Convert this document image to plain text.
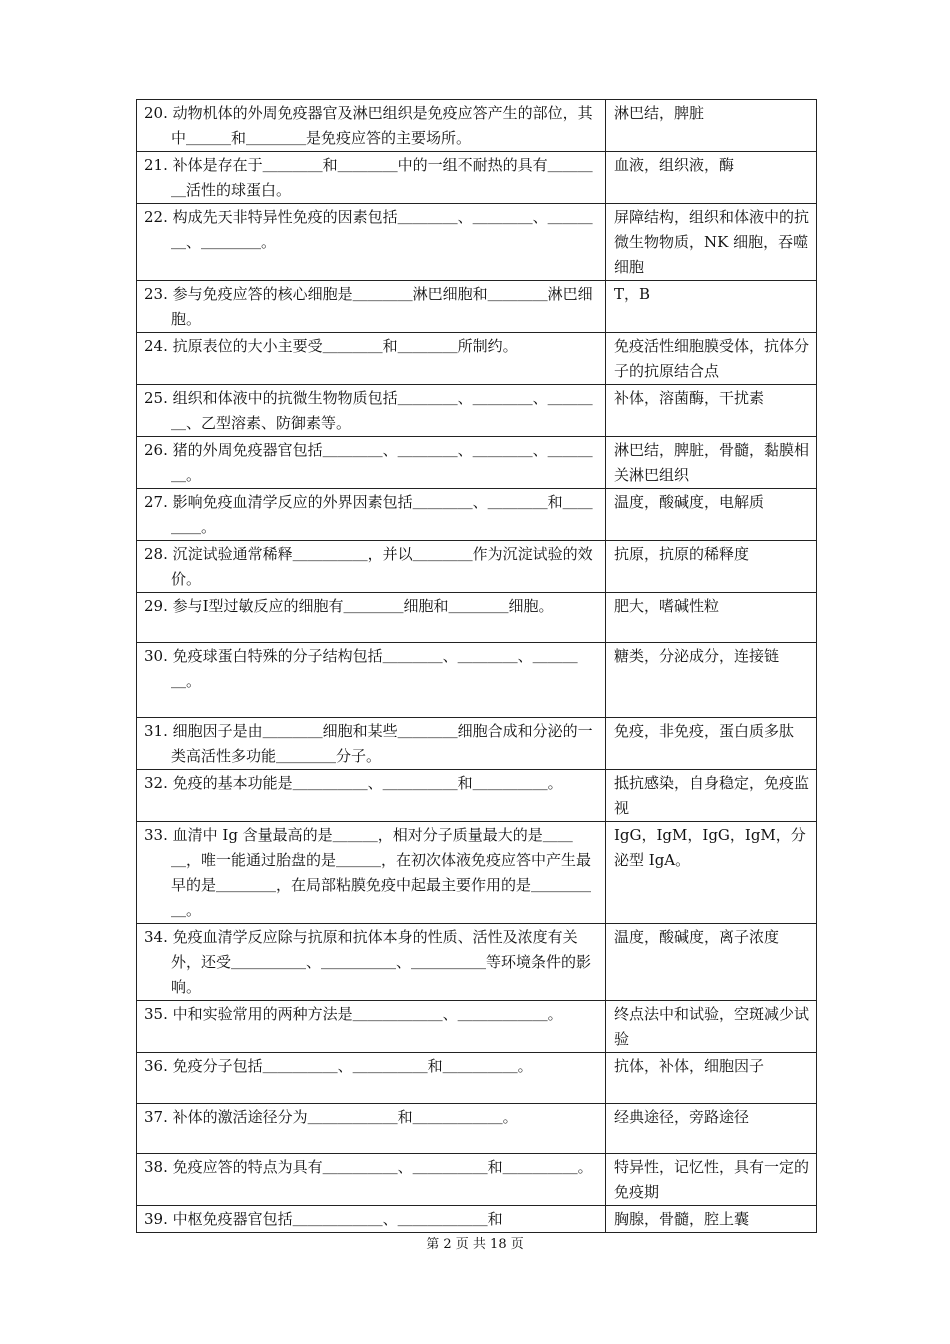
20. 动物机体的外周免疫器官及淋巴组织是免疫应答产生的部位，其中＿＿＿和＿＿＿＿是免疫应答的主要场所。	淋巴结，脾脏

21. 补体是存在于＿＿＿＿和＿＿＿＿中的一组不耐热的具有＿＿＿＿活性的球蛋白。	血液，组织液，酶

22. 构成先天非特异性免疫的因素包括＿＿＿＿、＿＿＿＿、＿＿＿＿、＿＿＿＿。	屏障结构，组织和体液中的抗微生物物质，NK 细胞，吞噬细胞

23. 参与免疫应答的核心细胞是＿＿＿＿淋巴细胞和＿＿＿＿淋巴细胞。	T，B

24. 抗原表位的大小主要受＿＿＿＿和＿＿＿＿所制约。	免疫活性细胞膜受体，抗体分子的抗原结合点

25. 组织和体液中的抗微生物物质包括＿＿＿＿、＿＿＿＿、＿＿＿＿、乙型溶素、防御素等。	补体，溶菌酶，干扰素

26. 猪的外周免疫器官包括＿＿＿＿、＿＿＿＿、＿＿＿＿、＿＿＿＿。	淋巴结，脾脏，骨髓，黏膜相关淋巴组织

27. 影响免疫血清学反应的外界因素包括＿＿＿＿、＿＿＿＿和＿＿＿＿。	温度，酸碱度，电解质

28. 沉淀试验通常稀释＿＿＿＿＿，并以＿＿＿＿作为沉淀试验的效价。	抗原，抗原的稀释度

29. 参与Ⅰ型过敏反应的细胞有＿＿＿＿细胞和＿＿＿＿细胞。	肥大，嗜碱性粒

30. 免疫球蛋白特殊的分子结构包括＿＿＿＿、＿＿＿＿、＿＿＿＿。	糖类，分泌成分，连接链

31. 细胞因子是由＿＿＿＿细胞和某些＿＿＿＿细胞合成和分泌的一类高活性多功能＿＿＿＿分子。	免疫，非免疫，蛋白质多肽

32. 免疫的基本功能是＿＿＿＿＿、＿＿＿＿＿和＿＿＿＿＿。	抵抗感染，自身稳定，免疫监视

33. 血清中 Ig 含量最高的是＿＿＿，相对分子质量最大的是＿＿＿，唯一能通过胎盘的是＿＿＿，在初次体液免疫应答中产生最早的是＿＿＿＿，在局部粘膜免疫中起最主要作用的是＿＿＿＿＿。	IgG，IgM，IgG，IgM，分泌型 IgA。

34. 免疫血清学反应除与抗原和抗体本身的性质、活性及浓度有关外，还受＿＿＿＿＿、＿＿＿＿＿、＿＿＿＿＿等环境条件的影响。	温度，酸碱度，离子浓度

35. 中和实验常用的两种方法是＿＿＿＿＿＿、＿＿＿＿＿＿。	终点法中和试验，空斑减少试验

36. 免疫分子包括＿＿＿＿＿、＿＿＿＿＿和＿＿＿＿＿。	抗体，补体，细胞因子

37. 补体的激活途径分为＿＿＿＿＿＿和＿＿＿＿＿＿。	经典途径，旁路途径

38. 免疫应答的特点为具有＿＿＿＿＿、＿＿＿＿＿和＿＿＿＿＿。	特异性，记忆性，具有一定的免疫期

39. 中枢免疫器官包括＿＿＿＿＿＿、＿＿＿＿＿＿和	胸腺，骨髓，腔上囊
第 2 页 共 18 页
